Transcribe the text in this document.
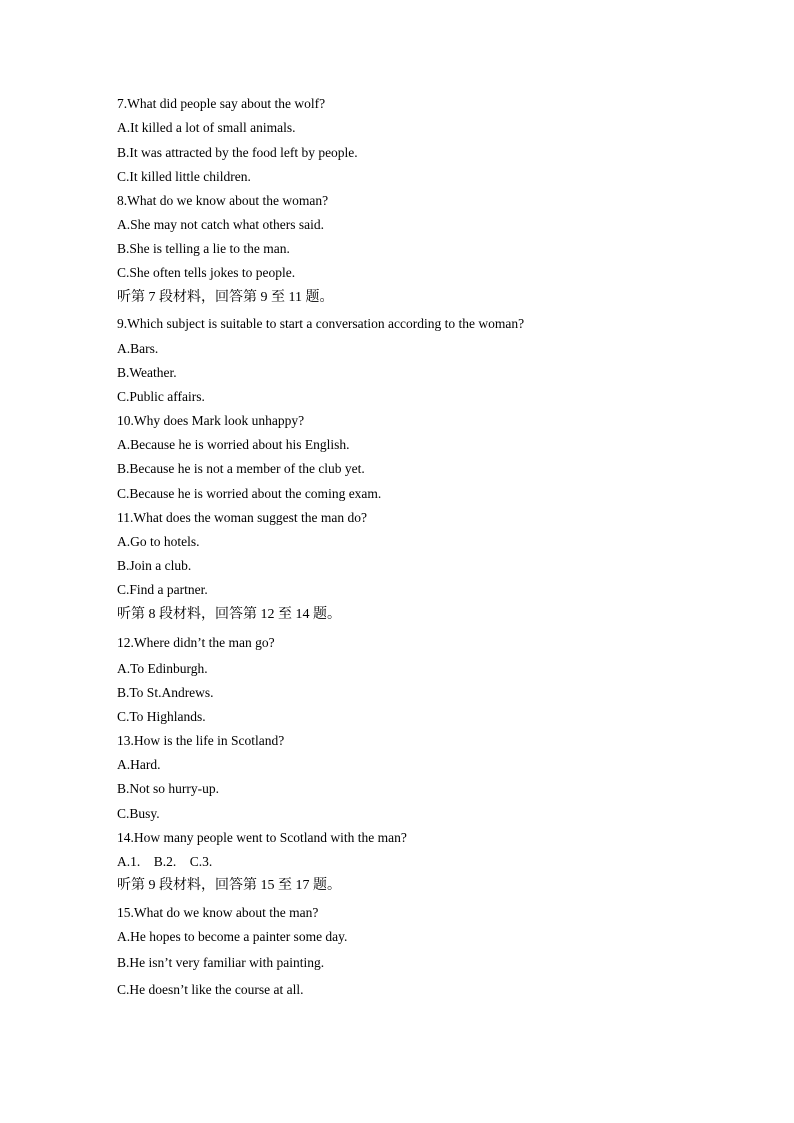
7.What did people say about the wolf?
A.It killed a lot of small animals.
B.It was attracted by the food left by people.
C.It killed little children.
8.What do we know about the woman?
A.She may not catch what others said.
B.She is telling a lie to the man.
C.She often tells jokes to people.
听第 7 段材料，回答第 9 至 11 题。
9.Which subject is suitable to start a conversation according to the woman?
A.Bars.
B.Weather.
C.Public affairs.
10.Why does Mark look unhappy?
A.Because he is worried about his English.
B.Because he is not a member of the club yet.
C.Because he is worried about the coming exam.
11.What does the woman suggest the man do?
A.Go to hotels.
B.Join a club.
C.Find a partner.
听第 8 段材料，回答第 12 至 14 题。
12.Where didn’t the man go?
A.To Edinburgh.
B.To St.Andrews.
C.To Highlands.
13.How is the life in Scotland?
A.Hard.
B.Not so hurry-up.
C.Busy.
14.How many people went to Scotland with the man?
A.1.    B.2.    C.3.
听第 9 段材料，回答第 15 至 17 题。
15.What do we know about the man?
A.He hopes to become a painter some day.
B.He isn’t very familiar with painting.
C.He doesn’t like the course at all.
